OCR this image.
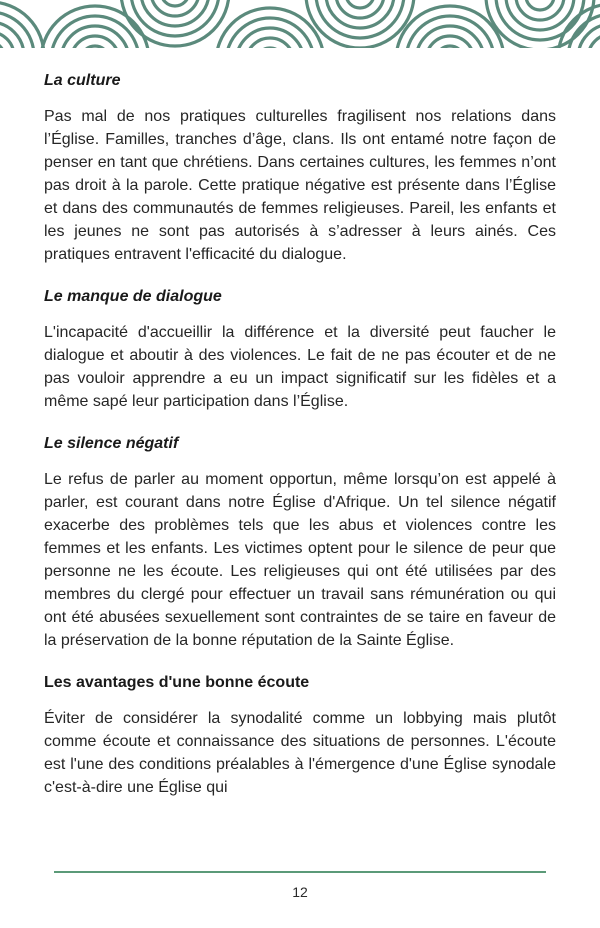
La culture

Pas mal de nos pratiques culturelles fragilisent nos relations dans l’Église. Familles, tranches d’âge, clans. Ils ont entamé notre façon de penser en tant que chrétiens. Dans certaines cultures, les femmes n’ont pas droit à la parole. Cette pratique négative est présente dans l’Église et dans des communautés de femmes religieuses. Pareil, les enfants et les jeunes ne sont pas autorisés à s’adresser à leurs ainés. Ces pratiques entravent l'efficacité du dialogue.

Le manque de dialogue

L'incapacité d'accueillir la différence et la diversité peut faucher le dialogue et aboutir à des violences. Le fait de ne pas écouter et de ne pas vouloir apprendre a eu un impact significatif sur les fidèles et a même sapé leur participation dans l’Église.

Le silence négatif

Le refus de parler au moment opportun, même lorsqu’on est appelé à parler, est courant dans notre Église d'Afrique. Un tel silence négatif exacerbe des problèmes tels que les abus et violences contre les femmes et les enfants. Les victimes optent pour le silence de peur que personne ne les écoute. Les religieuses qui ont été utilisées par des membres du clergé pour effectuer un travail sans rémunération ou qui ont été abusées sexuellement sont contraintes de se taire en faveur de la préservation de la bonne réputation de la Sainte Église.

Les avantages d'une bonne écoute

Éviter de considérer la synodalité comme un lobbying mais plutôt comme écoute et connaissance des situations de personnes. L'écoute est l'une des conditions préalables à l'émergence d'une Église synodale c'est-à-dire une Église qui

12
